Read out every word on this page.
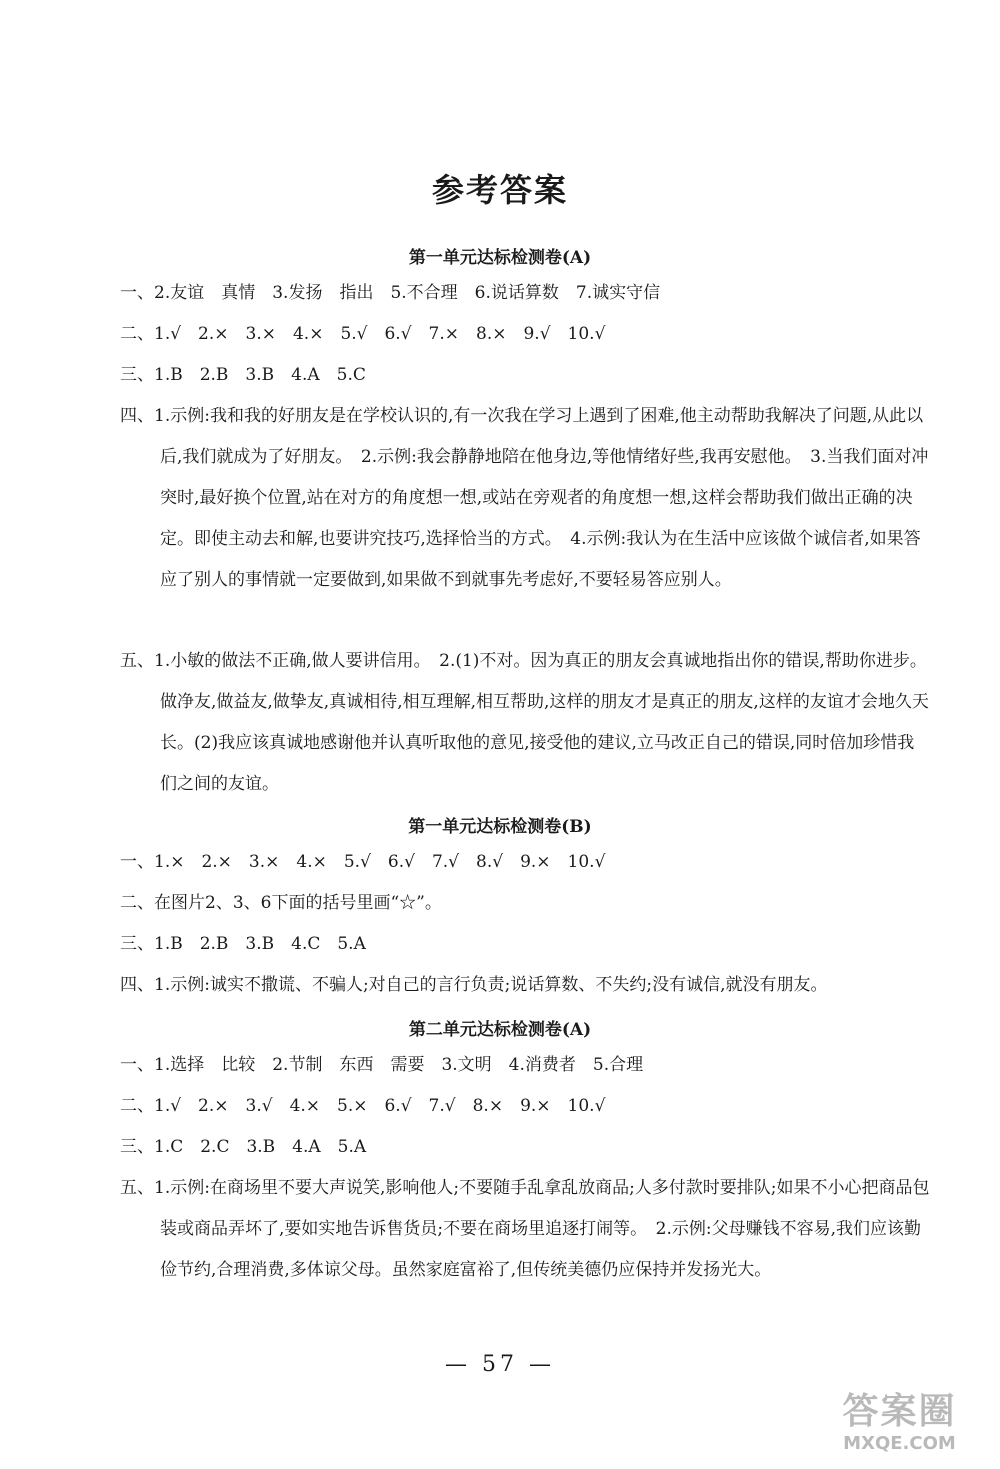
参考答案
第一单元达标检测卷(A)
一、2.友谊　真情　3.发扬　指出　5.不合理　6.说话算数　7.诚实守信
二、1.√　2.×　3.×　4.×　5.√　6.√　7.×　8.×　9.√　10.√
三、1.B　2.B　3.B　4.A　5.C
四、1.示例:我和我的好朋友是在学校认识的,有一次我在学习上遇到了困难,他主动帮助我解决了问题,从此以后,我们就成为了好朋友。　2.示例:我会静静地陪在他身边,等他情绪好些,我再安慰他。　3.当我们面对冲突时,最好换个位置,站在对方的角度想一想,或站在旁观者的角度想一想,这样会帮助我们做出正确的决定。即使主动去和解,也要讲究技巧,选择恰当的方式。　4.示例:我认为在生活中应该做个诚信者,如果答应了别人的事情就一定要做到,如果做不到就事先考虑好,不要轻易答应别人。
五、1.小敏的做法不正确,做人要讲信用。　2.(1)不对。因为真正的朋友会真诚地指出你的错误,帮助你进步。做净友,做益友,做挚友,真诚相待,相互理解,相互帮助,这样的朋友才是真正的朋友,这样的友谊才会地久天长。(2)我应该真诚地感谢他并认真听取他的意见,接受他的建议,立马改正自己的错误,同时倍加珍惜我们之间的友谊。
第一单元达标检测卷(B)
一、1.×　2.×　3.×　4.×　5.√　6.√　7.√　8.√　9.×　10.√
二、在图片2、3、6下面的括号里画“☆”。
三、1.B　2.B　3.B　4.C　5.A
四、1.示例:诚实不撒谎、不骗人;对自己的言行负责;说话算数、不失约;没有诚信,就没有朋友。
第二单元达标检测卷(A)
一、1.选择　比较　2.节制　东西　需要　3.文明　4.消费者　5.合理
二、1.√　2.×　3.√　4.×　5.×　6.√　7.√　8.×　9.×　10.√
三、1.C　2.C　3.B　4.A　5.A
五、1.示例:在商场里不要大声说笑,影响他人;不要随手乱拿乱放商品;人多付款时要排队;如果不小心把商品包装或商品弄坏了,要如实地告诉售货员;不要在商场里追逐打闹等。　2.示例:父母赚钱不容易,我们应该勤俭节约,合理消费,多体谅父母。虽然家庭富裕了,但传统美德仍应保持并发扬光大。
— 57 —
答案圈
MXQE.COM
